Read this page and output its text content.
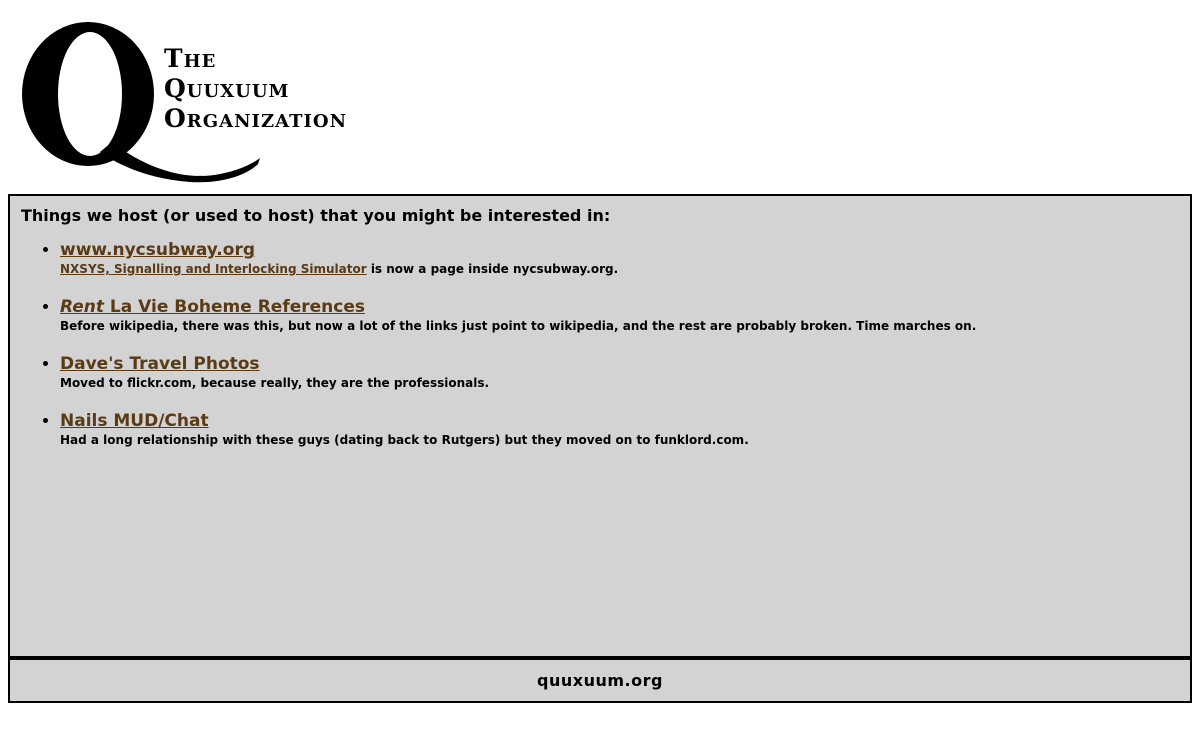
The
Quuxuum
Organization

Things we host (or used to host) that you might be interested in:

• www.nycsubway.org
NXSYS, Signalling and Interlocking Simulator is now a page inside nycsubway.org.
• Rent La Vie Boheme References
Before wikipedia, there was this, but now a lot of the links just point to wikipedia, and the rest are probably broken. Time marches on.
• Dave's Travel Photos
Moved to flickr.com, because really, they are the professionals.
• Nails MUD/Chat
Had a long relationship with these guys (dating back to Rutgers) but they moved on to funklord.com.
quuxuum.org
